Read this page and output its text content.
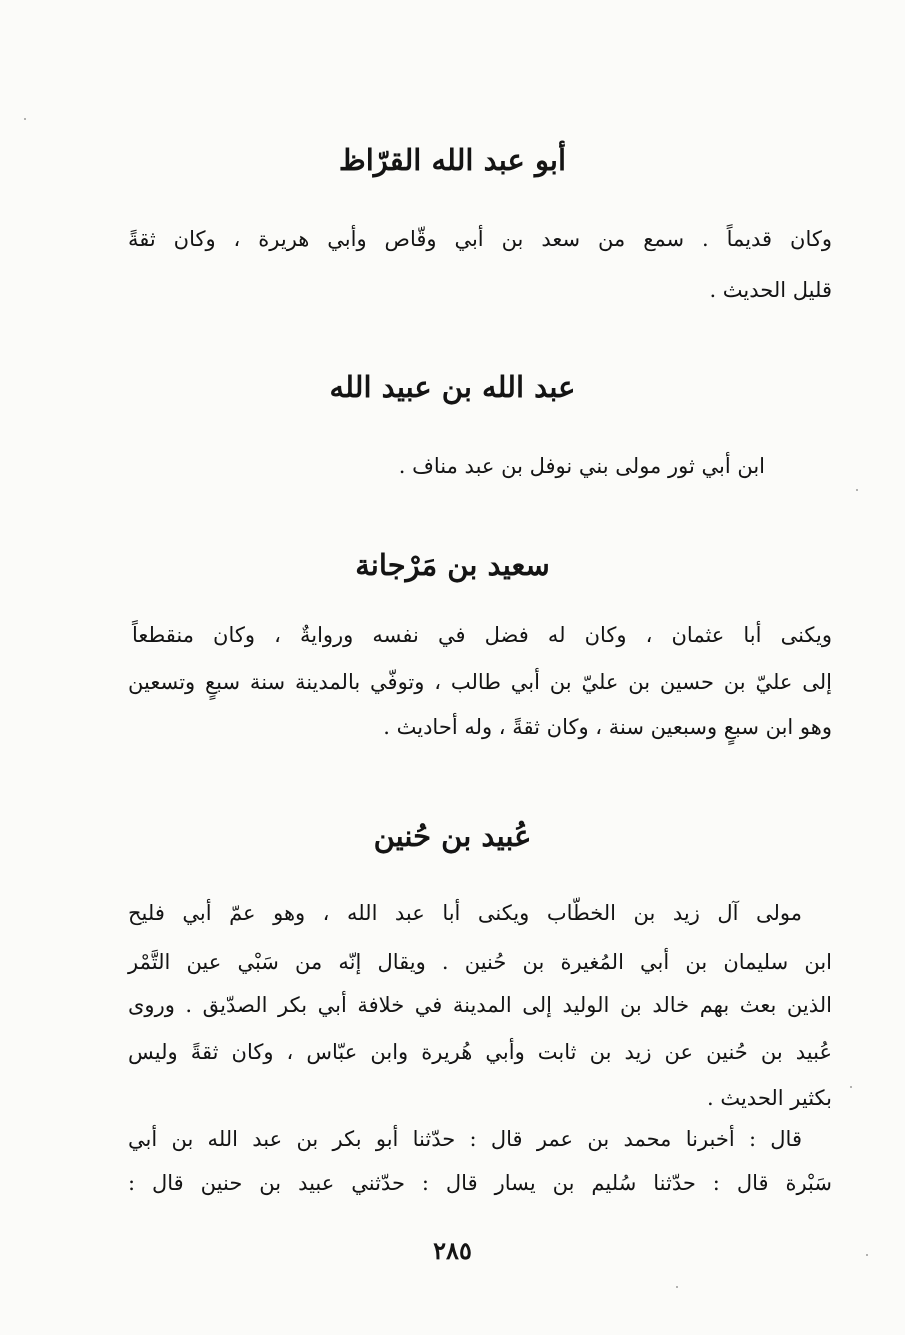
أبو عبد الله القرّاظ
وكان قديماً . سمع من سعد بن أبي وقّاص وأبي هريرة ، وكان ثقةً
قليل الحديث .
عبد الله بن عبيد الله
ابن أبي ثور مولى بني نوفل بن عبد مناف .
سعيد بن مَرْجانة
ويكنى أبا عثمان ، وكان له فضل في نفسه وروايةٌ ، وكان منقطعاً
إلى عليّ بن حسين بن عليّ بن أبي طالب ، وتوفّي بالمدينة سنة سبعٍ وتسعين
وهو ابن سبعٍ وسبعين سنة ، وكان ثقةً ، وله أحاديث .
عُبيد بن حُنين
مولى آل زيد بن الخطّاب ويكنى أبا عبد الله ، وهو عمّ أبي فليح
ابن سليمان بن أبي المُغيرة بن حُنين . ويقال إنّه من سَبْي عين التَّمْر
الذين بعث بهم خالد بن الوليد إلى المدينة في خلافة أبي بكر الصدّيق . وروى
عُبيد بن حُنين عن زيد بن ثابت وأبي هُريرة وابن عبّاس ، وكان ثقةً وليس
بكثير الحديث .
قال : أخبرنا محمد بن عمر قال : حدّثنا أبو بكر بن عبد الله بن أبي
سَبْرة قال : حدّثنا سُليم بن يسار قال : حدّثني عبيد بن حنين قال :
٢٨٥
